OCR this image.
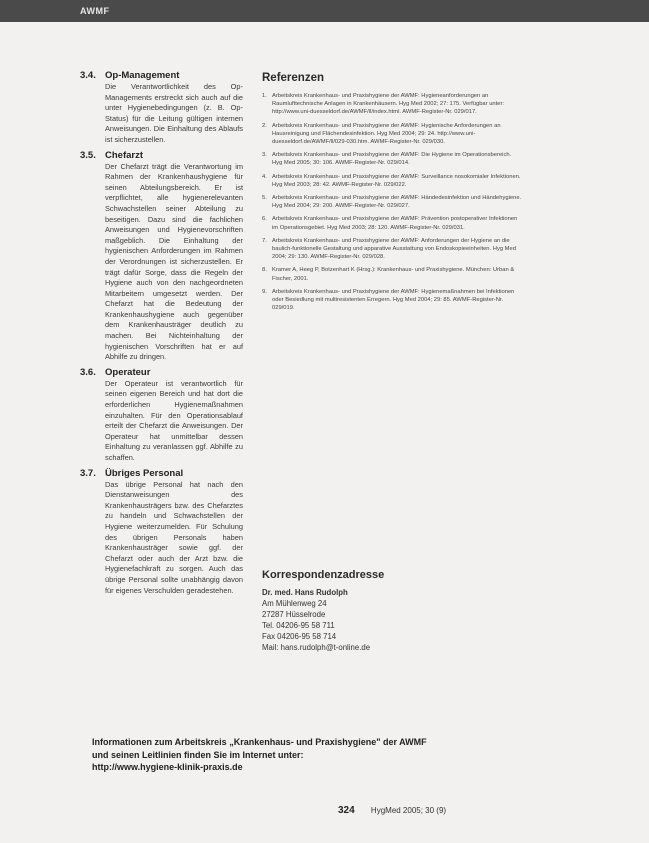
AWMF
3.4. Op-Management
Die Verantwortlichkeit des Op-Managements erstreckt sich auch auf die unter Hygienebedingungen (z. B. Op-Status) für die Leitung gültigen internen Anweisungen. Die Einhaltung des Ablaufs ist sicherzustellen.
3.5. Chefarzt
Der Chefarzt trägt die Verantwortung im Rahmen der Krankenhaushygiene für seinen Abteilungsbereich. Er ist verpflichtet, alle hygienerelevanten Schwachstellen seiner Abteilung zu beseitigen. Dazu sind die fachlichen Anweisungen und Hygienevorschriften maßgeblich. Die Einhaltung der hygienischen Anforderungen im Rahmen der Verordnungen ist sicherzustellen. Er trägt dafür Sorge, dass die Regeln der Hygiene auch von den nachgeordneten Mitarbeitern umgesetzt werden. Der Chefarzt hat die Bedeutung der Krankenhaushygiene auch gegenüber dem Krankenhausträger deutlich zu machen. Bei Nichteinhaltung der hygienischen Vorschriften hat er auf Abhilfe zu dringen.
3.6. Operateur
Der Operateur ist verantwortlich für seinen eigenen Bereich und hat dort die erforderlichen Hygienemaßnahmen einzuhalten. Für den Operationsablauf erteilt der Chefarzt die Anweisungen. Der Operateur hat unmittelbar dessen Einhaltung zu veranlassen ggf. Abhilfe zu schaffen.
3.7. Übriges Personal
Das übrige Personal hat nach den Dienstanweisungen des Krankenhausträgers bzw. des Chefarztes zu handeln und Schwachstellen der Hygiene weiterzumelden. Für Schulung des übrigen Personals haben Krankenhausträger sowie ggf. der Chefarzt oder auch der Arzt bzw. die Hygienefachkraft zu sorgen. Auch das übrige Personal sollte unabhängig davon für eigenes Verschulden geradestehen.
Referenzen
1. Arbeitskreis Krankenhaus- und Praxishygiene der AWMF: Hygieneanforderungen an Raumlufttechnische Anlagen in Krankenhäusern. Hyg Med 2002; 27: 175. Verfügbar unter: http://www.uni-duesseldorf.de/AWMF/ll/index.html. AWMF-Register-Nr. 029/017.
2. Arbeitskreis Krankenhaus- und Praxishygiene der AWMF: Hygienische Anforderungen an Hausreinigung und Flächendesinfektion. Hyg Med 2004; 29: 24. http://www.uni-duesseldorf.de/AWMF/ll/029-030.htm. AWMF-Register-Nr. 029/030.
3. Arbeitskreis Krankenhaus- und Praxishygiene der AWMF: Die Hygiene im Operationsbereich. Hyg Med 2005; 30: 106. AWMF-Register-Nr. 029/014.
4. Arbeitskreis Krankenhaus- und Praxishygiene der AWMF: Surveillance nosokomialer Infektionen. Hyg Med 2003; 28: 42. AWMF-Register-Nr. 029/022.
5. Arbeitskreis Krankenhaus- und Praxishygiene der AWMF: Händedesinfektion und Händehygiene. Hyg Med 2004; 29: 200. AWMF-Register-Nr. 029/027.
6. Arbeitskreis Krankenhaus- und Praxishygiene der AWMF: Prävention postoperativer Infektionen im Operationsgebiet. Hyg Med 2003; 28: 120. AWMF-Register-Nr. 029/031.
7. Arbeitskreis Krankenhaus- und Praxishygiene der AWMF: Anforderungen der Hygiene an die baulich-funktionelle Gestaltung und apparative Ausstattung von Endoskopieeinheiten. Hyg Med 2004; 29: 130. AWMF-Register-Nr. 029/028.
8. Kramer A, Heeg P, Botzenhart K (Hrsg.): Krankenhaus- und Praxishygiene. München: Urban & Fischer, 2001.
9. Arbeitskreis Krankenhaus- und Praxishygiene der AWMF: Hygienemaßnahmen bei Infektionen oder Besiedlung mit multiresistenten Erregern. Hyg Med 2004; 29: 85. AWMF-Register-Nr. 029/019.
Korrespondenzadresse
Dr. med. Hans Rudolph
Am Mühlenweg 24
27287 Hüsselrode
Tel. 04206-95 58 711
Fax 04206-95 58 714
Mail: hans.rudolph@t-online.de
Informationen zum Arbeitskreis „Krankenhaus- und Praxishygiene" der AWMF
und seinen Leitlinien finden Sie im Internet unter:
http://www.hygiene-klinik-praxis.de
324 HygMed 2005; 30 (9)
